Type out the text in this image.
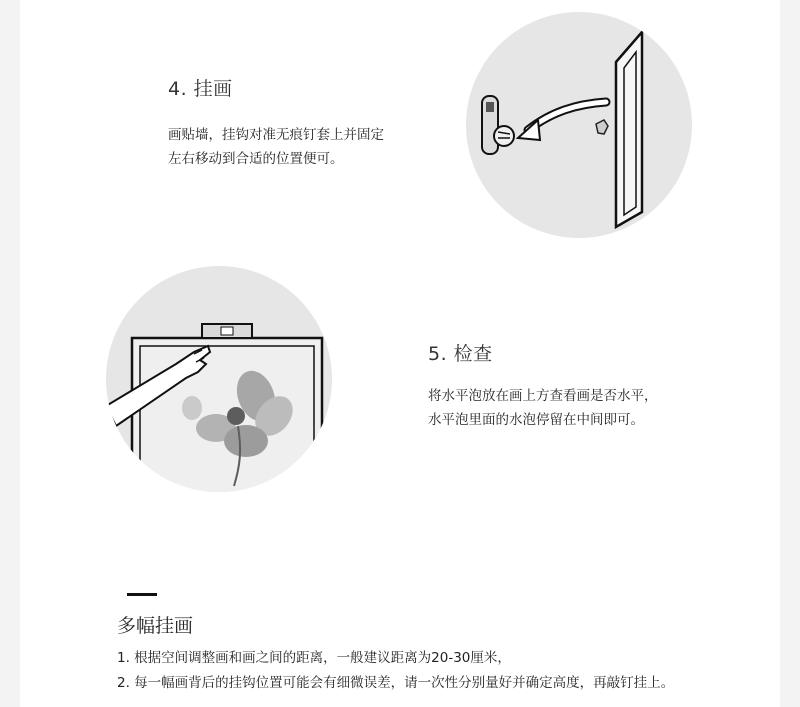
4. 挂画
画贴墙，挂钩对准无痕钉套上并固定
左右移动到合适的位置便可。
5. 检查
将水平泡放在画上方查看画是否水平，
水平泡里面的水泡停留在中间即可。
多幅挂画
1. 根据空间调整画和画之间的距离，一般建议距离为20-30厘米，
2. 每一幅画背后的挂钩位置可能会有细微误差，请一次性分别量好并确定高度，再敲钉挂上。
